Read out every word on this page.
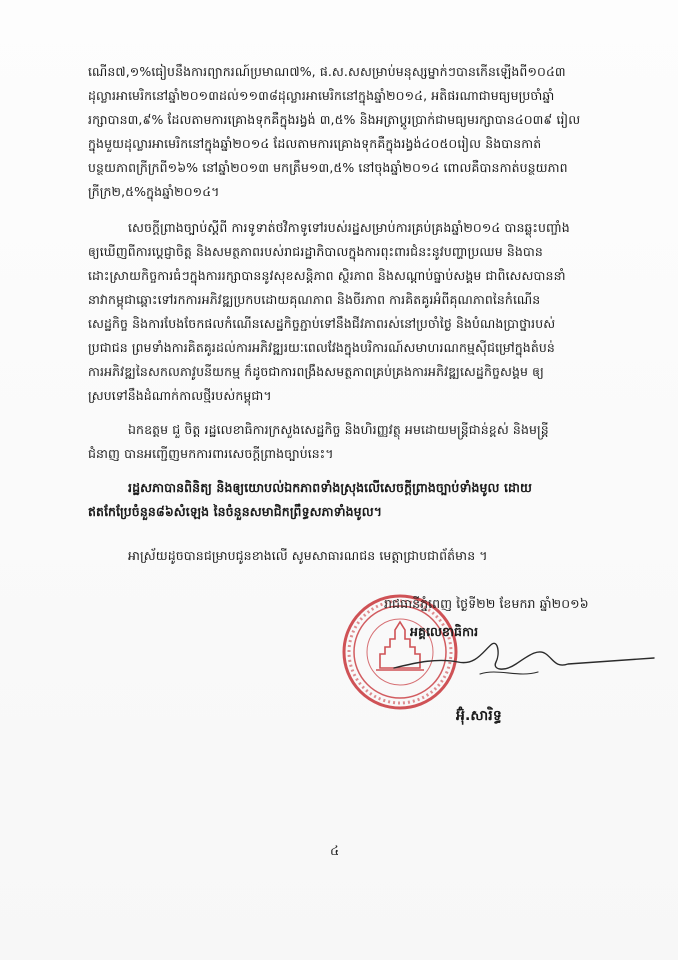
ណើន៧,១%ធៀបនឹងការព្យាករណ៍ប្រមាណ៧%, ផ.ស.សសម្រាប់មនុស្សម្នាក់ៗបានកើនឡើងពី១០៤៣
ដុល្លារអាមេរិកនៅឆ្នាំ២០១៣ដល់១១៣៨ដុល្លារអាមេរិកនៅក្នុងឆ្នាំ២០១៤, អតិផរណាជាមធ្យមប្រចាំឆ្នាំ
រក្សាបាន៣,៩% ដែលតាមការគ្រោងទុកគឺក្នុងរង្វង់ ៣,៥% និងអត្រាប្តូរប្រាក់ជាមធ្យមរក្សាបាន៤០៣៩ រៀល
ក្នុងមួយដុល្លារអាមេរិកនៅក្នុងឆ្នាំ២០១៤ ដែលតាមការគ្រោងទុកគឺក្នុងរង្វង់៤០៥០រៀល និងបានកាត់
បន្ថយភាពក្រីក្រពី១៦% នៅឆ្នាំ២០១៣ មកត្រឹម១៣,៥% នៅចុងឆ្នាំ២០១៤ ពោលគឺបានកាត់បន្ថយភាព
ក្រីក្រ២,៥%ក្នុងឆ្នាំ២០១៤។
សេចក្តីព្រាងច្បាប់ស្តីពី ការទូទាត់ថវិកាទូទៅរបស់រដ្ឋសម្រាប់ការគ្រប់គ្រងឆ្នាំ២០១៤ បានឆ្លុះបញ្ចាំង
ឲ្យឃើញពីការប្តេជ្ញាចិត្ត និងសមត្ថភាពរបស់រាជរដ្ឋាភិបាលក្នុងការពុះពារជំនះនូវបញ្ហាប្រឈម និងបាន
ដោះស្រាយកិច្ចការធំៗក្នុងការរក្សាបាននូវសុខសន្តិភាព ស្ថិរភាព និងសណ្តាប់ធ្នាប់សង្គម ជាពិសេសបាននាំ
នាវាកម្ពុជាឆ្ពោះទៅរកការអភិវឌ្ឍប្រកបដោយគុណភាព និងចីរភាព ការគិតគូរអំពីគុណភាពនៃកំណើន
សេដ្ឋកិច្ច និងការបែងចែកផលកំណើនសេដ្ឋកិច្ចភ្ជាប់ទៅនឹងជីវភាពរស់នៅប្រចាំថ្ងៃ និងបំណងប្រាថ្នារបស់
ប្រជាជន ព្រមទាំងការគិតគូរដល់ការអភិវឌ្ឍរយៈពេលវែងក្នុងបរិការណ៍សមាហរណកម្មស៊ីជម្រៅក្នុងតំបន់
ការអភិវឌ្ឍនៃសកលភាវូបនីយកម្ម ក៏ដូចជាការពង្រឹងសមត្ថភាពគ្រប់គ្រងការអភិវឌ្ឍសេដ្ឋកិច្ចសង្គម ឲ្យ
ស្របទៅនឹងដំណាក់កាលថ្មីរបស់កម្ពុជា។
ឯកឧត្តម ជួ ចិត្ត រដ្ឋលេខាធិការក្រសួងសេដ្ឋកិច្ច និងហិរញ្ញវត្ថុ អមដោយមន្ត្រីជាន់ខ្ពស់ និងមន្ត្រី
ជំនាញ បានអញ្ជើញមកការពារសេចក្តីព្រាងច្បាប់នេះ។
រដ្ឋសភាបានពិនិត្យ និងឲ្យយោបល់ឯកភាពទាំងស្រុងលើសេចក្តីព្រាងច្បាប់ទាំងមូល ដោយ
ឥតកែប្រែចំនួន៨៦សំឡេង នៃចំនួនសមាជិកព្រឹទ្ធសភាទាំងមូល។
អាស្រ័យដូចបានជម្រាបជូនខាងលើ សូមសាធារណជន មេត្តាជ្រាបជាព័ត៌មាន ។
រាជធានីភ្នំពេញ ថ្ងៃទី២២ ខែមករា ឆ្នាំ២០១៦
អគ្គលេខាធិការ
អ៊ុំ.សារិទ្ធ
៤
